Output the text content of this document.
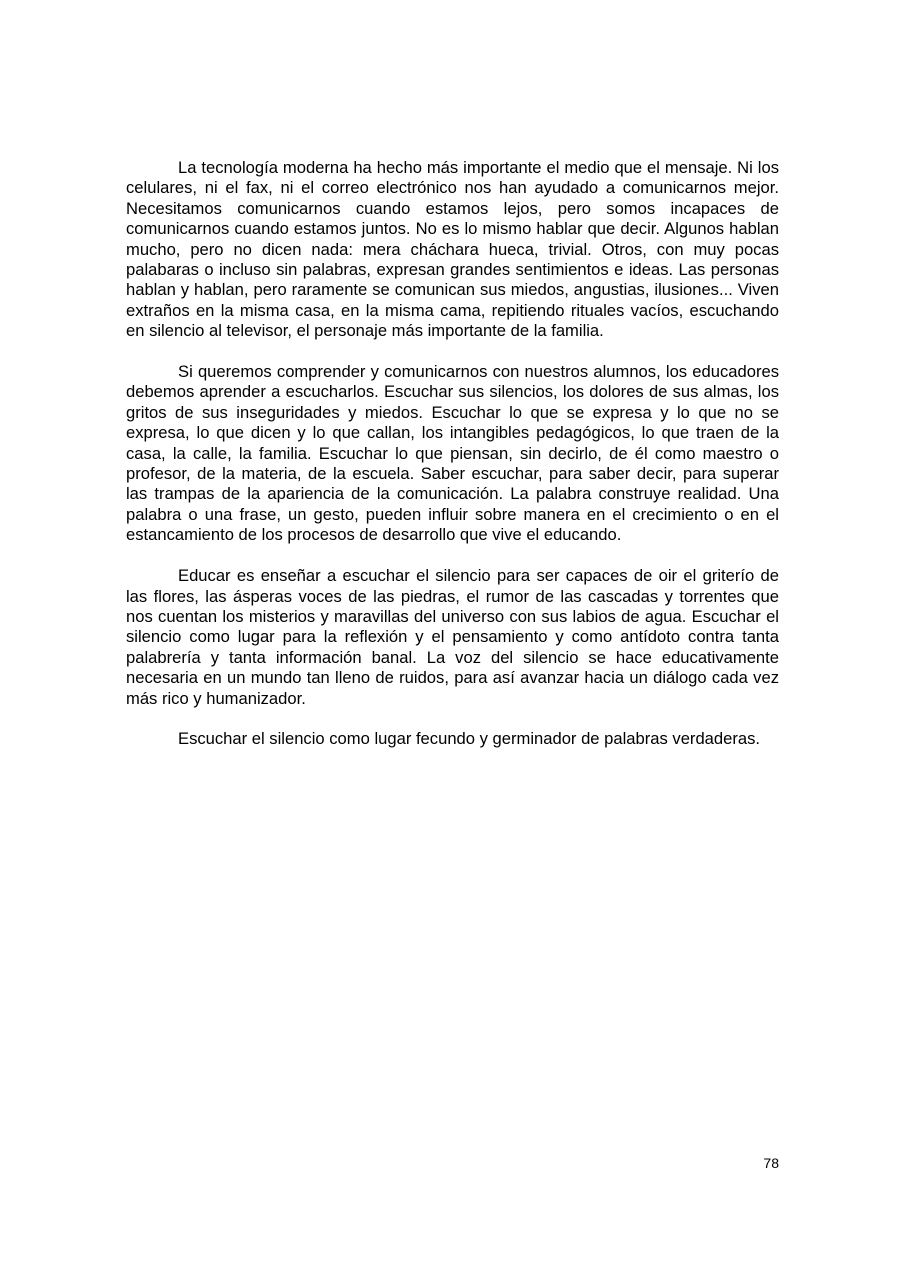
La tecnología moderna ha hecho más importante el medio que el mensaje. Ni los celulares, ni el fax, ni el correo electrónico nos han ayudado a comunicarnos mejor. Necesitamos comunicarnos cuando estamos lejos, pero somos incapaces de comunicarnos cuando estamos juntos. No es lo mismo hablar que decir. Algunos hablan mucho, pero no dicen nada: mera cháchara hueca, trivial. Otros, con muy pocas palabaras o incluso sin palabras, expresan grandes sentimientos e ideas. Las personas hablan y hablan, pero raramente se comunican sus miedos, angustias, ilusiones... Viven extraños en la misma casa, en la misma cama, repitiendo rituales vacíos, escuchando en silencio al televisor, el personaje más importante de la familia.

Si queremos comprender y comunicarnos con nuestros alumnos, los educadores debemos aprender a escucharlos. Escuchar sus silencios, los dolores de sus almas, los gritos de sus inseguridades y miedos. Escuchar lo que se expresa y lo que no se expresa, lo que dicen y lo que callan, los intangibles pedagógicos, lo que traen de la casa, la calle, la familia. Escuchar lo que piensan, sin decirlo, de él como maestro o profesor, de la materia, de la escuela. Saber escuchar, para saber decir, para superar las trampas de la apariencia de la comunicación. La palabra construye realidad. Una palabra o una frase, un gesto, pueden influir sobre manera en el crecimiento o en el estancamiento de los procesos de desarrollo que vive el educando.

Educar es enseñar a escuchar el silencio para ser capaces de oir el griterío de las flores, las ásperas voces de las piedras, el rumor de las cascadas y torrentes que nos cuentan los misterios y maravillas del universo con sus labios de agua. Escuchar el silencio como lugar para la reflexión y el pensamiento y como antídoto contra tanta palabrería y tanta información banal. La voz del silencio se hace educativamente necesaria en un mundo tan lleno de ruidos, para así avanzar hacia un diálogo cada vez más rico y humanizador.

Escuchar el silencio como lugar fecundo y germinador de palabras verdaderas.

78
